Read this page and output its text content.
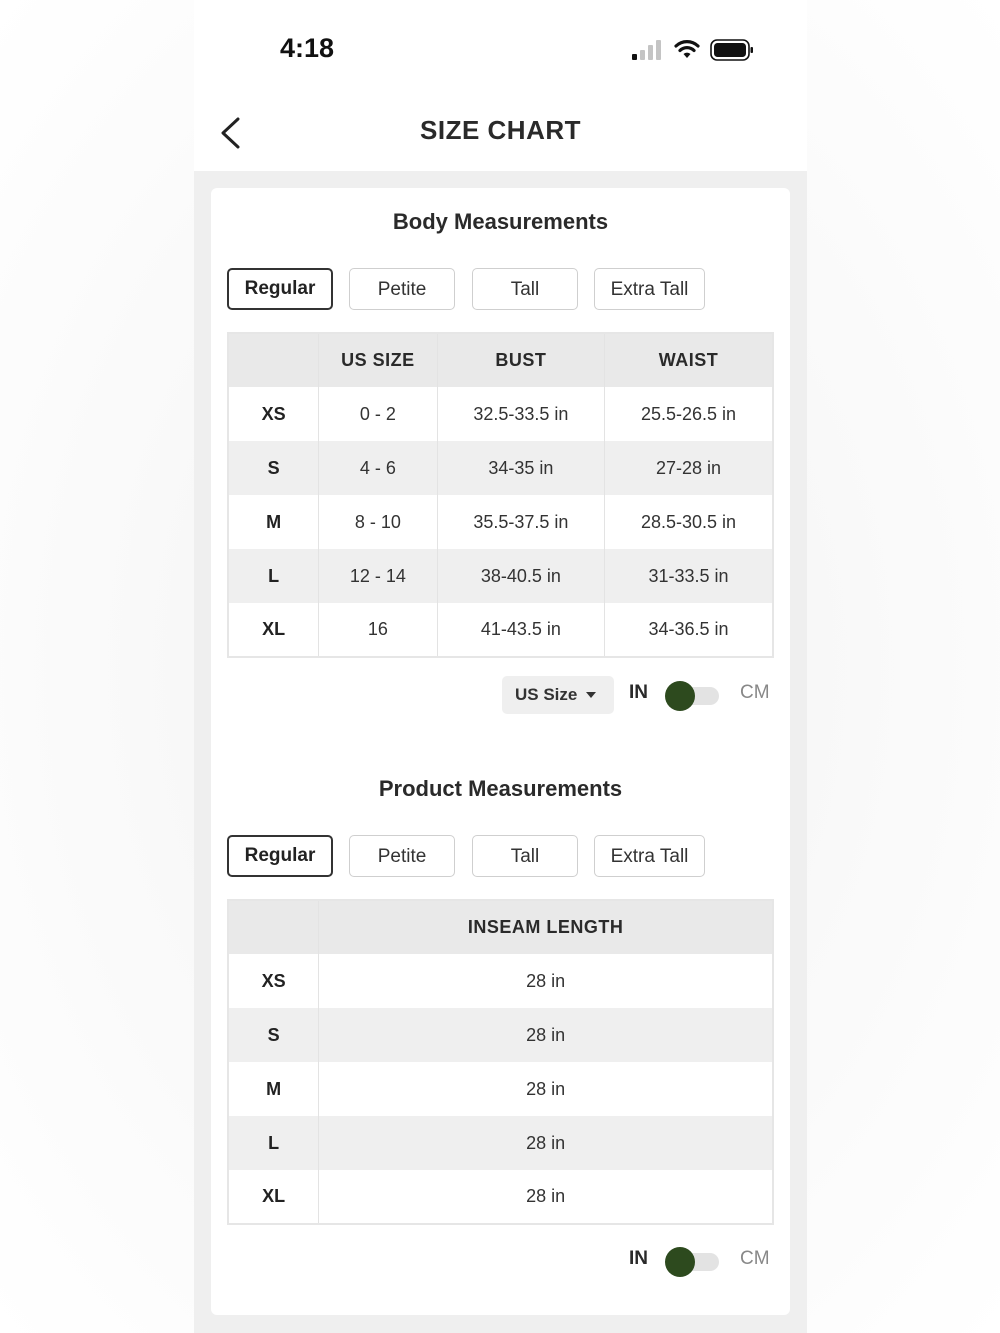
4:18
SIZE CHART
Body Measurements
Regular	Petite	Tall	Extra Tall
	US SIZE	BUST	WAIST
XS	0 - 2	32.5-33.5 in	25.5-26.5 in
S	4 - 6	34-35 in	27-28 in
M	8 - 10	35.5-37.5 in	28.5-30.5 in
L	12 - 14	38-40.5 in	31-33.5 in
XL	16	41-43.5 in	34-36.5 in
US Size	IN	CM
Product Measurements
Regular	Petite	Tall	Extra Tall
	INSEAM LENGTH
XS	28 in
S	28 in
M	28 in
L	28 in
XL	28 in
IN	CM
